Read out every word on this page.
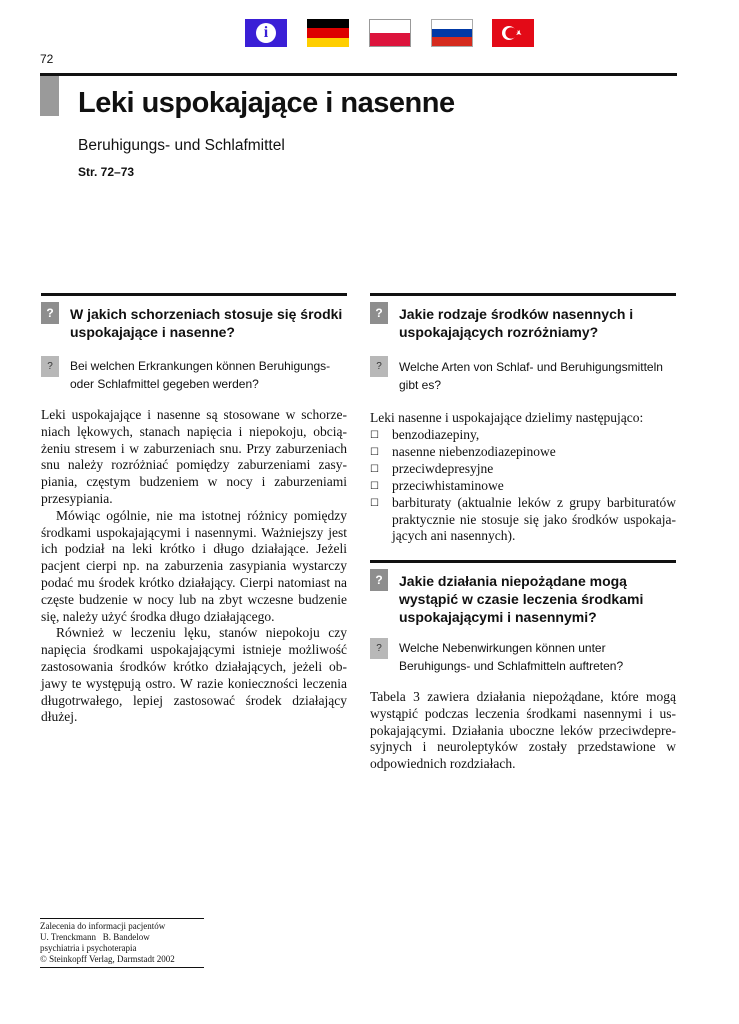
i
72
Leki uspokajające i nasenne
Beruhigungs- und Schlafmittel
Str. 72–73
?	W jakich schorzeniach stosuje się środki uspokajające i nasenne?
?	Bei welchen Erkrankungen können Beruhigungs- oder Schlafmittel gegeben werden?

Leki uspokajające i nasenne są stosowane w schorzeniach lękowych, stanach napięcia i niepokoju, obciążeniu stresem i w zaburzeniach snu. Przy zaburzeniach snu należy rozróżniać pomiędzy zaburzeniami zasypiania, częstym budzeniem w nocy i zaburzeniami przesypiania.

Mówiąc ogólnie, nie ma istotnej różnicy pomiędzy środkami uspokajającymi i nasennymi. Ważniejszy jest ich podział na leki krótko i długo działające. Jeżeli pacjent cierpi np. na zaburzenia zasypiania wystarczy podać mu środek krótko działający. Cierpi natomiast na częste budzenie w nocy lub na zbyt wczesne budzenie się, należy użyć środka długo działającego.

Również w leczeniu lęku, stanów niepokoju czy napięcia środkami uspokajającymi istnieje możliwość zastosowania środków krótko działających, jeżeli objawy te występują ostro. W razie konieczności leczenia długotrwałego, lepiej zastosować środek działający dłużej.

?	Jakie rodzaje środków nasennych i uspokajających rozróżniamy?
?	Welche Arten von Schlaf- und Beruhigungsmitteln gibt es?
Leki nasenne i uspokajające dzielimy następująco:
☐ benzodiazepiny,
☐ nasenne niebenzodiazepinowe
☐ przeciwdepresyjne
☐ przeciwhistaminowe
☐ barbituraty (aktualnie leków z grupy barbituratów praktycznie nie stosuje się jako środków uspokajających ani nasennych).
?	Jakie działania niepożądane mogą wystąpić w czasie leczenia środkami uspokajającymi i nasennymi?
?	Welche Nebenwirkungen können unter Beruhigungs- und Schlafmitteln auftreten?

Tabela 3 zawiera działania niepożądane, które mogą wystąpić podczas leczenia środkami nasennymi i uspokajającymi. Działania uboczne leków przeciwdepresyjnych i neuroleptyków zostały przedstawione w odpowiednich rozdziałach.

Zalecenia do informacji pacjentów
U. Trenckmann   B. Bandelow
psychiatria i psychoterapia
© Steinkopff Verlag, Darmstadt 2002
